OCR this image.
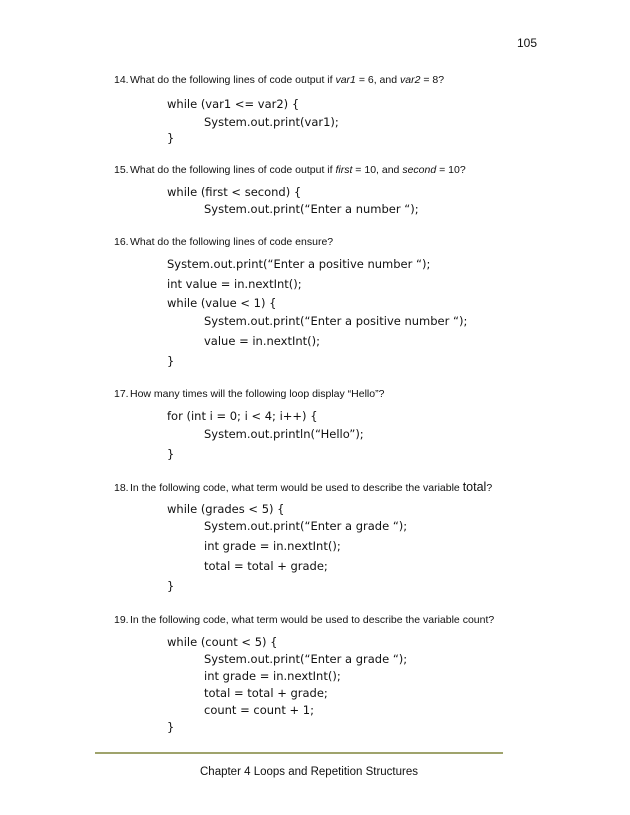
105
14.What do the following lines of code output if var1 = 6, and var2 = 8?
while (var1 <= var2) {
System.out.print(var1);
}
15.What do the following lines of code output if first = 10, and second = 10?
while (first < second) {
System.out.print(“Enter a number “);
16.What do the following lines of code ensure?
System.out.print(“Enter a positive number “);
int value = in.nextInt();
while (value < 1) {
System.out.print(“Enter a positive number “);
value = in.nextInt();
}
17.How many times will the following loop display “Hello”?
for (int i = 0; i < 4; i++) {
System.out.println(“Hello”);
}
18.In the following code, what term would be used to describe the variable total?
while (grades < 5) {
System.out.print(“Enter a grade “);
int grade = in.nextInt();
total = total + grade;
}
19.In the following code, what term would be used to describe the variable count?
while (count < 5) {
System.out.print(“Enter a grade “);
int grade = in.nextInt();
total = total + grade;
count = count + 1;
}
Chapter 4 Loops and Repetition Structures
